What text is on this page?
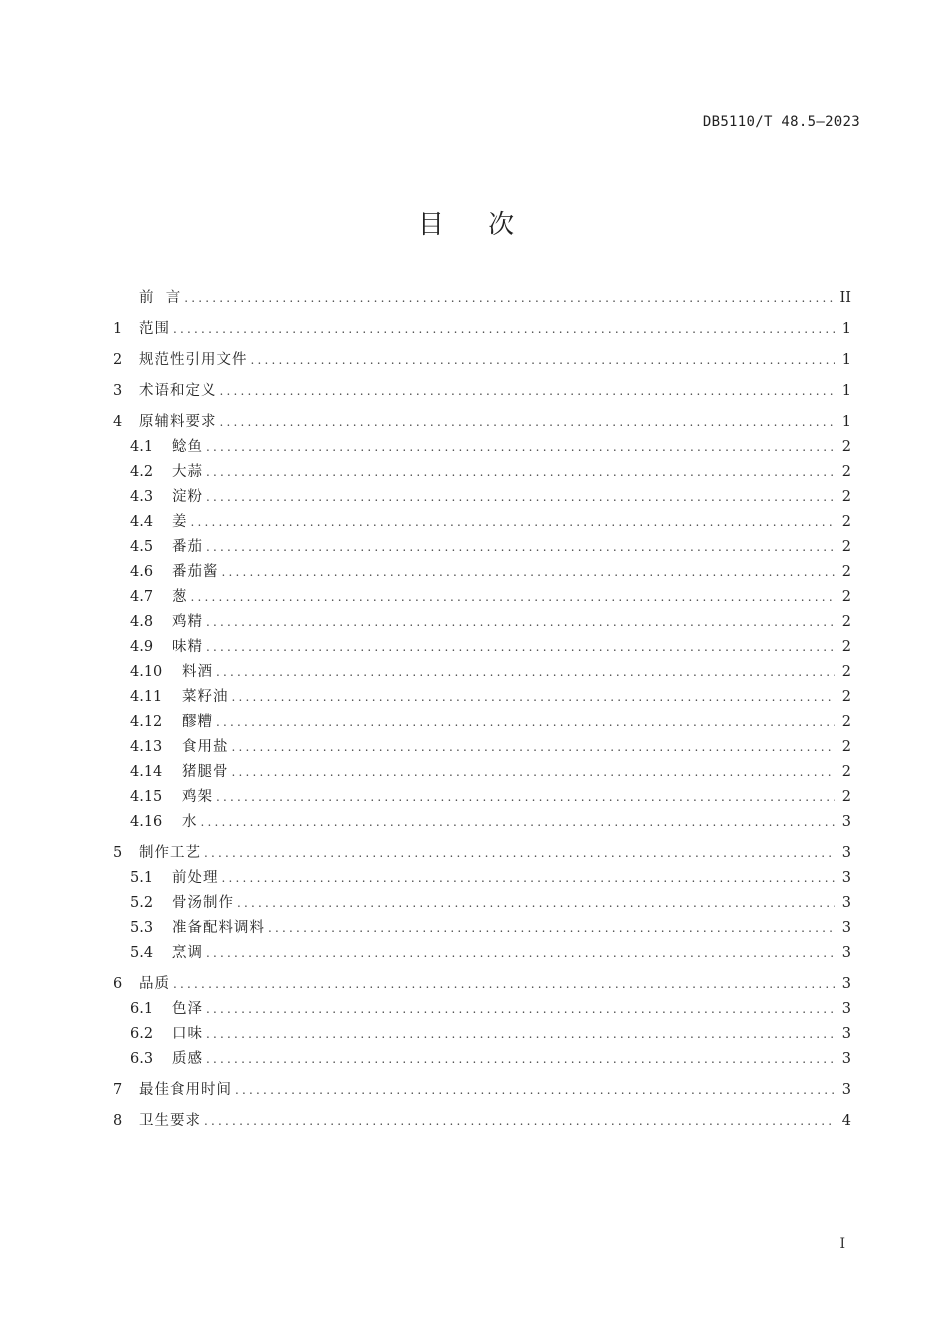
DB5110/T 48.5—2023
目 次
前  言 .....	II
1	范围 .....	1
2	规范性引用文件 .....	1
3	术语和定义 .....	1
4	原辅料要求 .....	1
4.1	鲶鱼 .....	2
4.2	大蒜 .....	2
4.3	淀粉 .....	2
4.4	姜 .....	2
4.5	番茄 .....	2
4.6	番茄酱 .....	2
4.7	葱 .....	2
4.8	鸡精 .....	2
4.9	味精 .....	2
4.10	料酒 .....	2
4.11	菜籽油 .....	2
4.12	醪糟 .....	2
4.13	食用盐 .....	2
4.14	猪腿骨 .....	2
4.15	鸡架 .....	2
4.16	水 .....	3
5	制作工艺 .....	3
5.1	前处理 .....	3
5.2	骨汤制作 .....	3
5.3	准备配料调料 .....	3
5.4	烹调 .....	3
6	品质 .....	3
6.1	色泽 .....	3
6.2	口味 .....	3
6.3	质感 .....	3
7	最佳食用时间 .....	3
8	卫生要求 .....	4
I
